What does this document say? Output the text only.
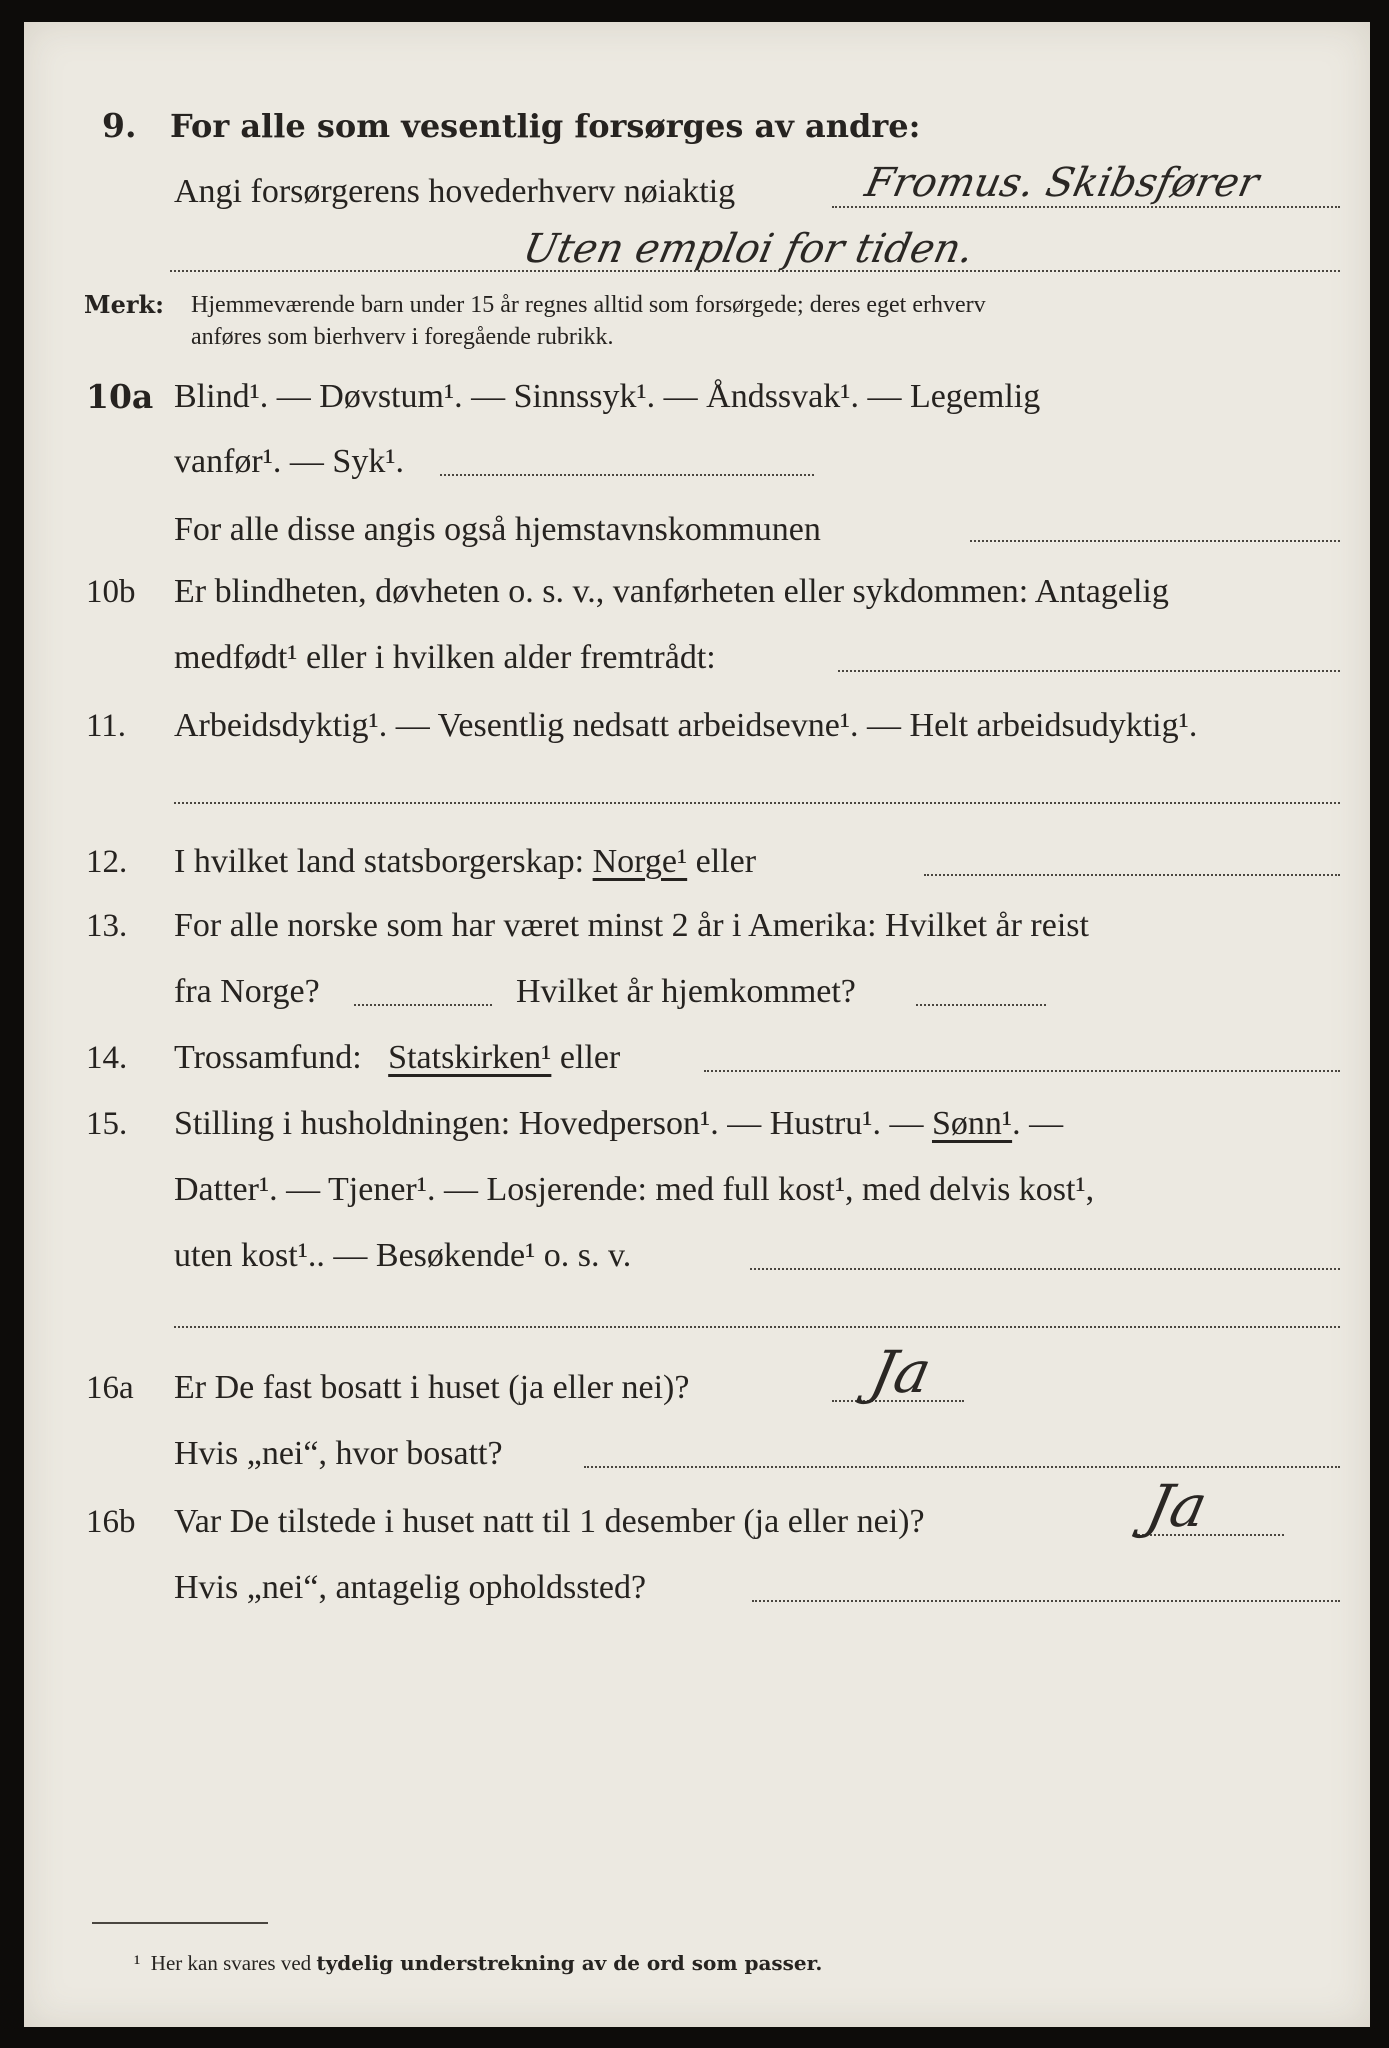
9. For alle som vesentlig forsørges av andre:
Angi forsørgerens hovederhverv nøiaktig	Fromus. Skibsfører
Uten emploi for tiden.
Merk: Hjemmeværende barn under 15 år regnes alltid som forsørgede; deres eget erhverv
anføres som bierhverv i foregående rubrikk.
10a Blind¹. — Døvstum¹. — Sinnssyk¹. — Åndssvak¹. — Legemlig
vanfør¹. — Syk¹.
For alle disse angis også hjemstavnskommunen
10b Er blindheten, døvheten o. s. v., vanførheten eller sykdommen: Antagelig
medfødt¹ eller i hvilken alder fremtrådt:
11. Arbeidsdyktig¹. — Vesentlig nedsatt arbeidsevne¹. — Helt arbeidsudyktig¹.
12. I hvilket land statsborgerskap: Norge¹ eller
13. For alle norske som har været minst 2 år i Amerika: Hvilket år reist
fra Norge?	Hvilket år hjemkommet?
14. Trossamfund: Statskirken¹ eller
15. Stilling i husholdningen: Hovedperson¹. — Hustru¹. — Sønn¹. —
Datter¹. — Tjener¹. — Losjerende: med full kost¹, med delvis kost¹,
uten kost¹.. — Besøkende¹ o. s. v.
16a Er De fast bosatt i huset (ja eller nei)?	Ja
Hvis „nei“, hvor bosatt?
16b Var De tilstede i huset natt til 1 desember (ja eller nei)?	Ja
Hvis „nei“, antagelig opholdssted?
¹ Her kan svares ved tydelig understrekning av de ord som passer.
